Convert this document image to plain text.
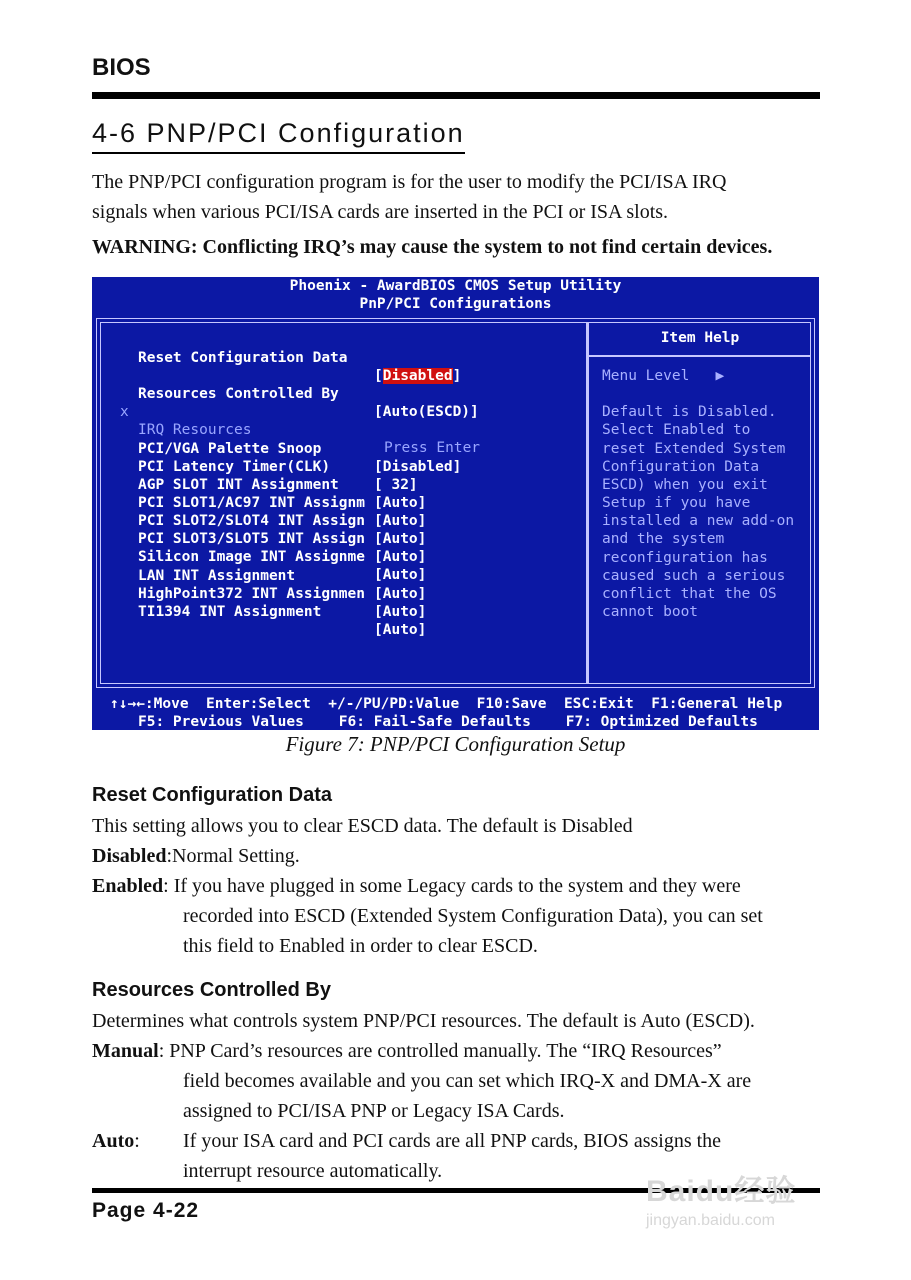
BIOS
4-6 PNP/PCI Configuration
The PNP/PCI configuration program is for the user to modify the PCI/ISA IRQ
signals when various PCI/ISA cards are inserted in the PCI or ISA slots.
WARNING: Conflicting IRQ’s may cause the system to not find certain devices.
Phoenix - AwardBIOS CMOS Setup Utility
PnP/PCI Configurations

Reset Configuration Data

[Disabled]

Resources Controlled By

[Auto(ESCD)]

x

IRQ Resources

Press Enter

PCI/VGA Palette Snoop

[Disabled]

PCI Latency Timer(CLK)

[ 32]

AGP SLOT INT Assignment

[Auto]

PCI SLOT1/AC97 INT Assignm

[Auto]

PCI SLOT2/SLOT4 INT Assign

[Auto]

PCI SLOT3/SLOT5 INT Assign

[Auto]

Silicon Image INT Assignme

[Auto]

LAN INT Assignment

[Auto]

HighPoint372 INT Assignmen

[Auto]

TI1394 INT Assignment

[Auto]

Item Help
Menu Level ▶
Default is Disabled.
Select Enabled to
reset Extended System
Configuration Data
ESCD) when you exit
Setup if you have
installed a new add-on
and the system
reconfiguration has
caused such a serious
conflict that the OS
cannot boot
↑↓→←:Move  Enter:Select  +/-/PU/PD:Value  F10:Save  ESC:Exit  F1:General Help
F5: Previous Values    F6: Fail-Safe Defaults    F7: Optimized Defaults
Figure 7: PNP/PCI Configuration Setup
Reset Configuration Data
This setting allows you to clear ESCD data. The default is Disabled
Disabled:Normal Setting.
Enabled: If you have plugged in some Legacy cards to the system and they were
recorded into ESCD (Extended System Configuration Data), you can set
this field to Enabled in order to clear ESCD.
Resources Controlled By
Determines what controls system PNP/PCI resources. The default is Auto (ESCD).
Manual: PNP Card’s resources are controlled manually. The “IRQ Resources”
field becomes available and you can set which IRQ-X and DMA-X are
assigned to PCI/ISA PNP or Legacy ISA Cards.
Auto: If your ISA card and PCI cards are all PNP cards, BIOS assigns the
interrupt resource automatically.
Page 4-22
Baidu经验
jingyan.baidu.com
